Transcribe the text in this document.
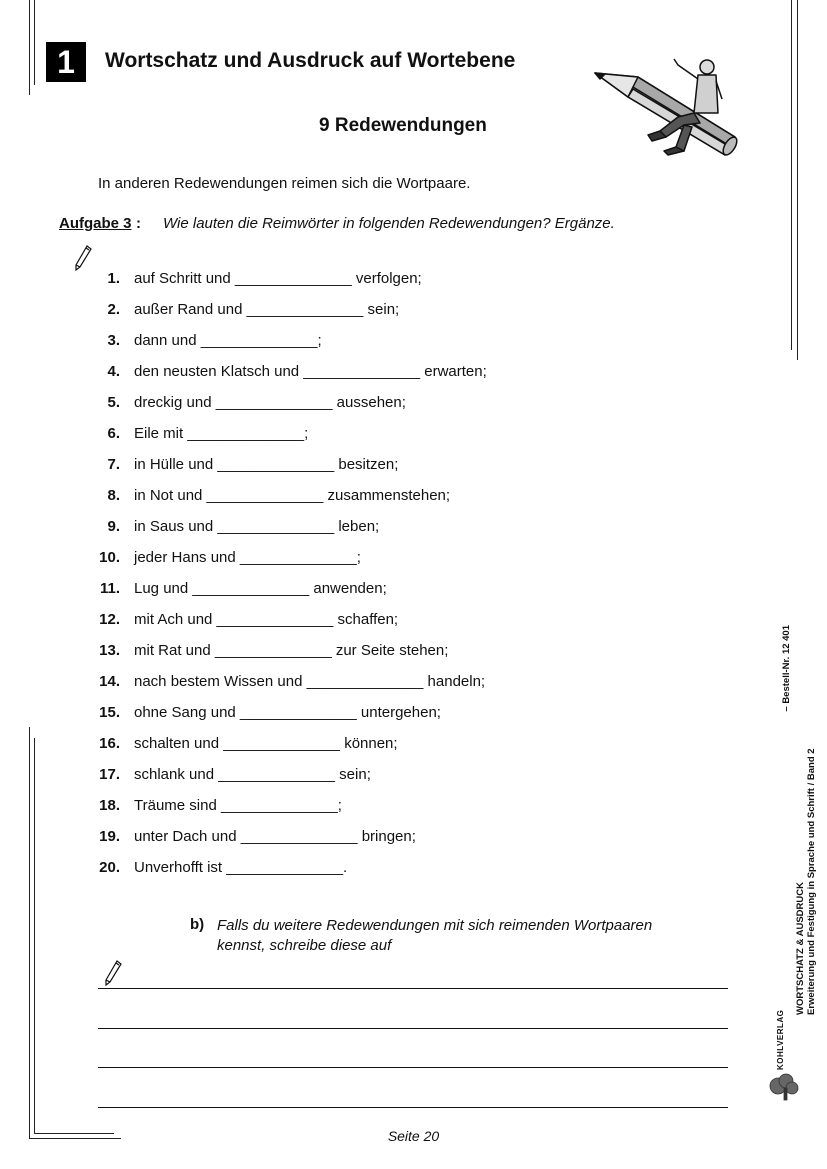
1	Wortschatz und Ausdruck auf Wortebene
9 Redewendungen
In anderen Redewendungen reimen sich die Wortpaare.
Aufgabe 3 : Wie lauten die Reimwörter in folgenden Redewendungen? Ergänze.
1. auf Schritt und ______________ verfolgen;
2. außer Rand und ______________ sein;
3. dann und ______________;
4. den neusten Klatsch und ______________ erwarten;
5. dreckig und ______________ aussehen;
6. Eile mit ______________;
7. in Hülle und ______________ besitzen;
8. in Not und ______________ zusammenstehen;
9. in Saus und ______________ leben;
10. jeder Hans und ______________;
11. Lug und ______________ anwenden;
12. mit Ach und ______________ schaffen;
13. mit Rat und ______________ zur Seite stehen;
14. nach bestem Wissen und ______________ handeln;
15. ohne Sang und ______________ untergehen;
16. schalten und ______________ können;
17. schlank und ______________ sein;
18. Träume sind ______________;
19. unter Dach und ______________ bringen;
20. Unverhofft ist ______________.
b) Falls du weitere Redewendungen mit sich reimenden Wortpaaren
kennst, schreibe diese auf
Seite 20
– Bestell-Nr. 12 401
WORTSCHATZ & AUSDRUCK Erweiterung und Festigung in Sprache und Schrift / Band 2
KOHLVERLAG
